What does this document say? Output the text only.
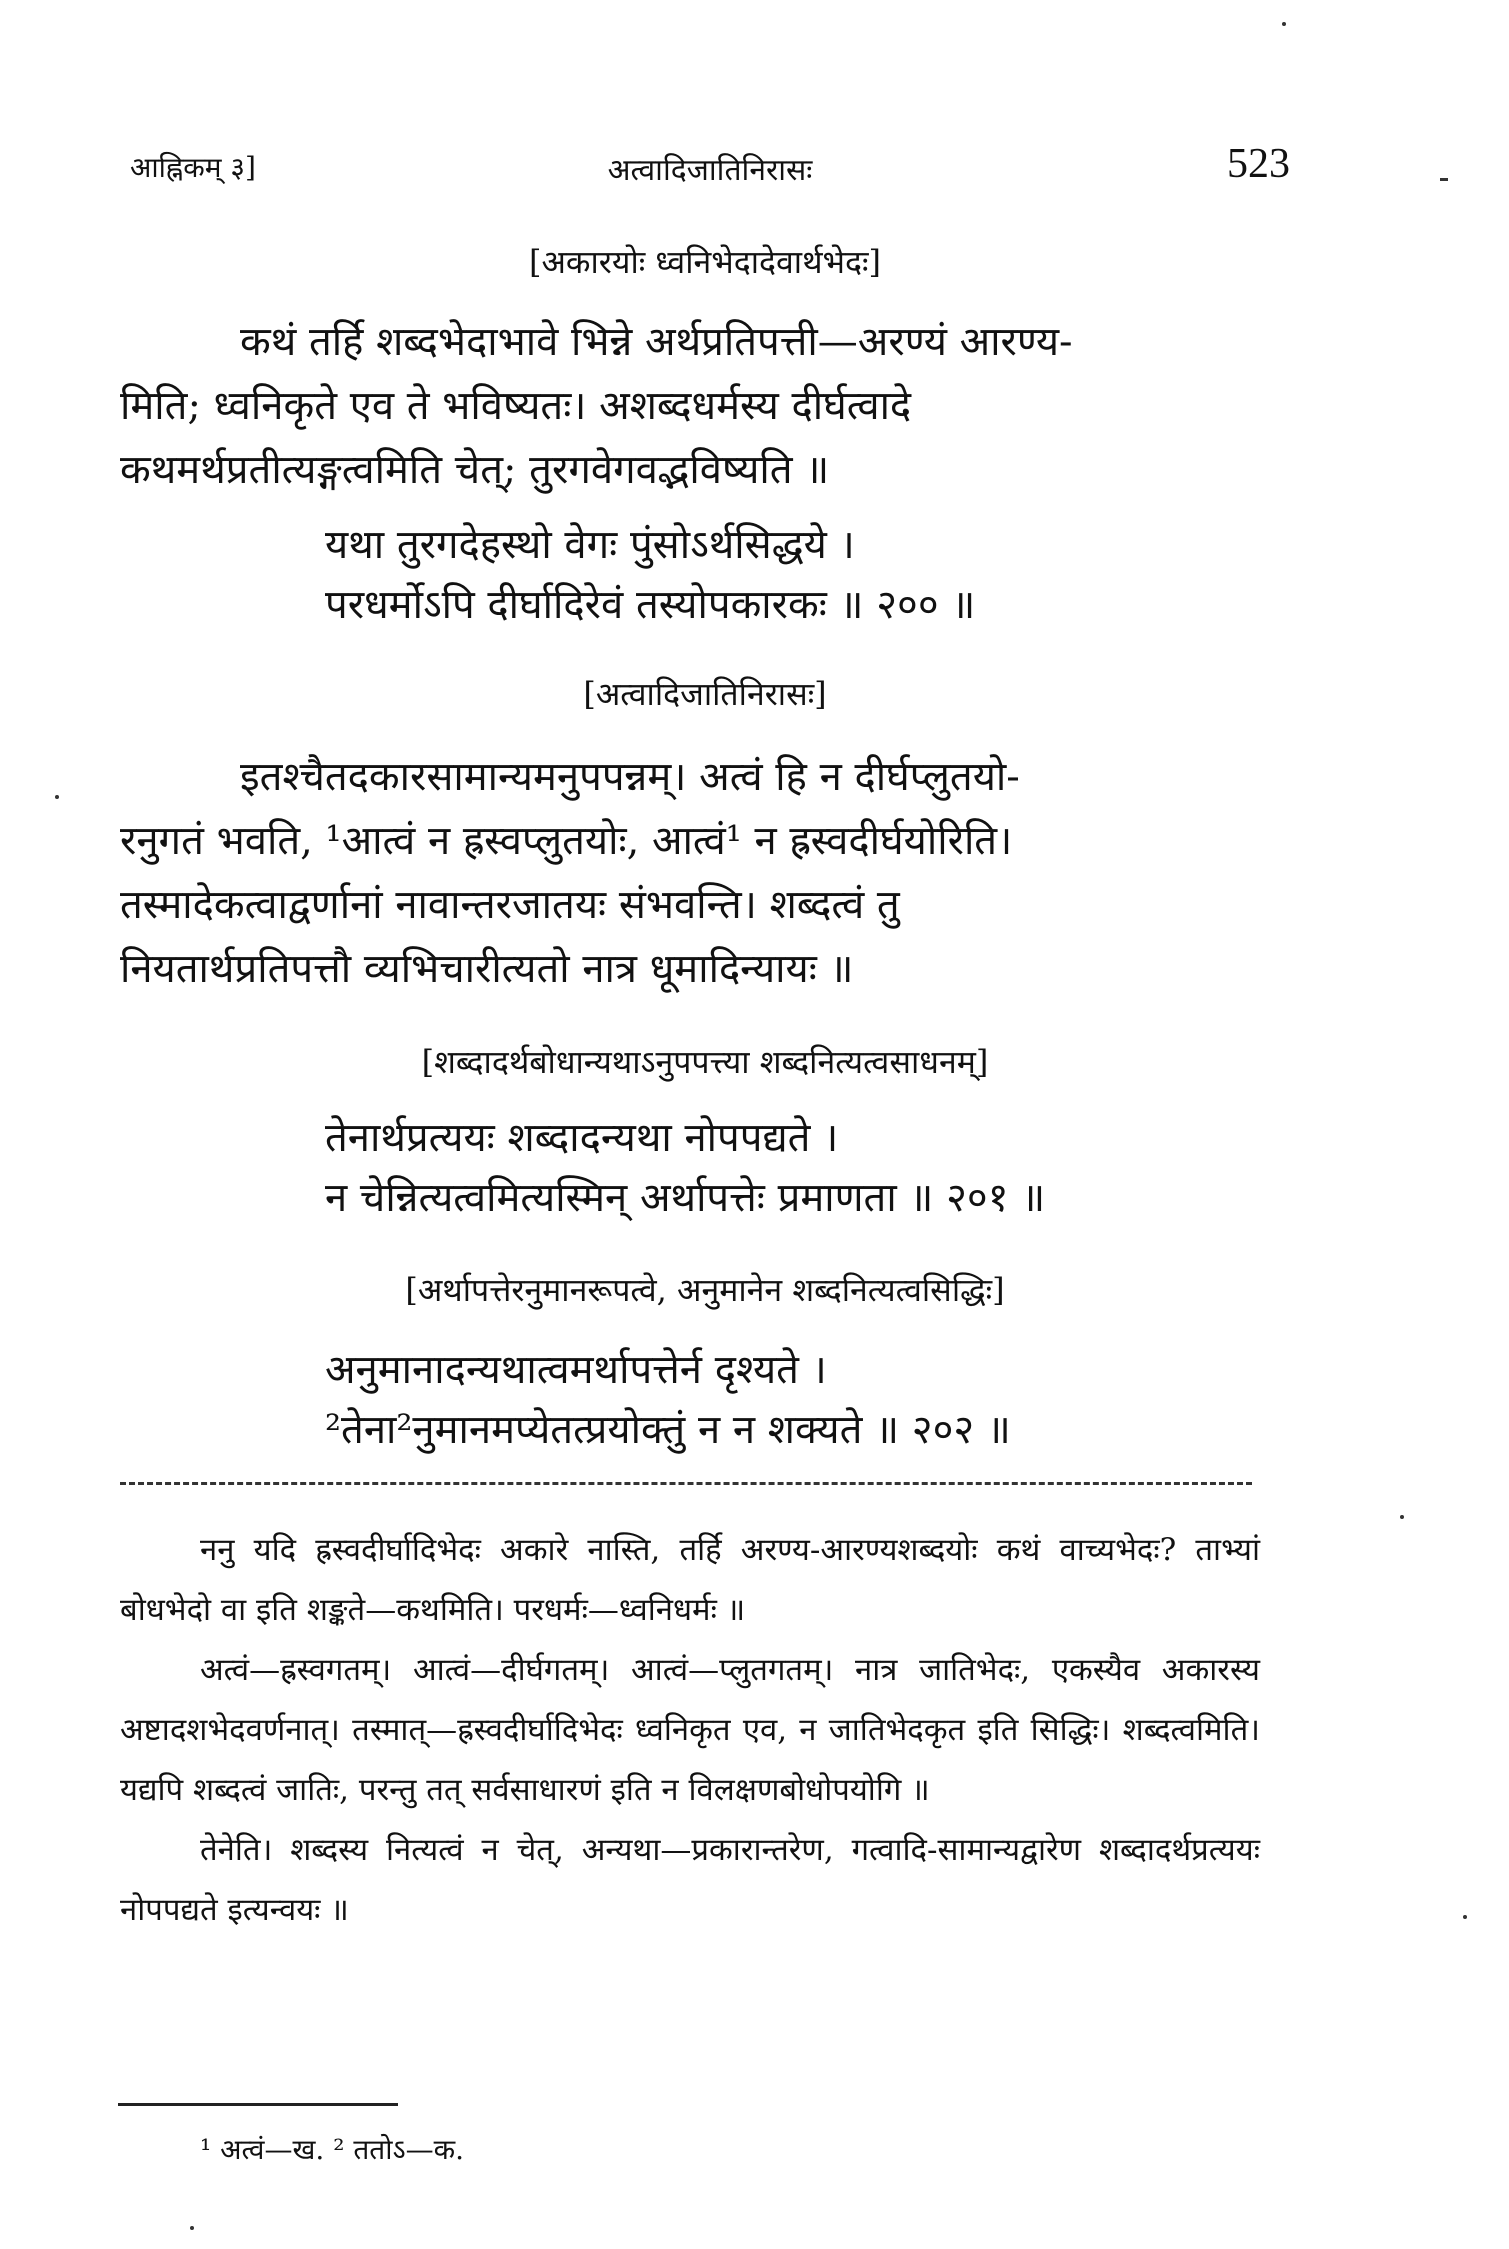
आह्निकम् ३]	अत्वादिजातिनिरासः	523
[अकारयोः ध्वनिभेदादेवार्थभेदः]

कथं तर्हि शब्दभेदाभावे भिन्ने अर्थप्रतिपत्ती—अरण्यं आरण्य-

मिति; ध्वनिकृते एव ते भविष्यतः। अशब्दधर्मस्य दीर्घत्वादे

कथमर्थप्रतीत्यङ्गत्वमिति चेत्; तुरगवेगवद्भविष्यति ॥

यथा तुरगदेहस्थो वेगः पुंसोऽर्थसिद्धये ।
परधर्मोऽपि दीर्घादिरेवं तस्योपकारकः ॥ २०० ॥
[अत्वादिजातिनिरासः]

इतश्चैतदकारसामान्यमनुपपन्नम्। अत्वं हि न दीर्घप्लुतयो-

रनुगतं भवति, ¹आत्वं न ह्रस्वप्लुतयोः, आत्वं¹ न ह्रस्वदीर्घयोरिति।

तस्मादेकत्वाद्वर्णानां नावान्तरजातयः संभवन्ति। शब्दत्वं तु

नियतार्थप्रतिपत्तौ व्यभिचारीत्यतो नात्र धूमादिन्यायः ॥

[शब्दादर्थबोधान्यथाऽनुपपत्त्या शब्दनित्यत्वसाधनम्]
तेनार्थप्रत्ययः शब्दादन्यथा नोपपद्यते ।
न चेन्नित्यत्वमित्यस्मिन् अर्थापत्तेः प्रमाणता ॥ २०१ ॥
[अर्थापत्तेरनुमानरूपत्वे, अनुमानेन शब्दनित्यत्वसिद्धिः]
अनुमानादन्यथात्वमर्थापत्तेर्न दृश्यते ।
²तेना²नुमानमप्येतत्प्रयोक्तुं न न शक्यते ॥ २०२ ॥

ननु यदि ह्रस्वदीर्घादिभेदः अकारे नास्ति, तर्हि अरण्य-आरण्यशब्दयोः कथं वाच्यभेदः? ताभ्यां बोधभेदो वा इति शङ्कते—कथमिति। परधर्मः—ध्वनिधर्मः ॥

अत्वं—ह्रस्वगतम्। आत्वं—दीर्घगतम्। आत्वं—प्लुतगतम्। नात्र जातिभेदः, एकस्यैव अकारस्य अष्टादशभेदवर्णनात्। तस्मात्—ह्रस्वदीर्घादिभेदः ध्वनिकृत एव, न जातिभेदकृत इति सिद्धिः। शब्दत्वमिति। यद्यपि शब्दत्वं जातिः, परन्तु तत् सर्वसाधारणं इति न विलक्षणबोधोपयोगि ॥

तेनेति। शब्दस्य नित्यत्वं न चेत्, अन्यथा—प्रकारान्तरेण, गत्वादि-सामान्यद्वारेण शब्दादर्थप्रत्ययः नोपपद्यते इत्यन्वयः ॥

¹ अत्वं—ख. ² ततोऽ—क.
